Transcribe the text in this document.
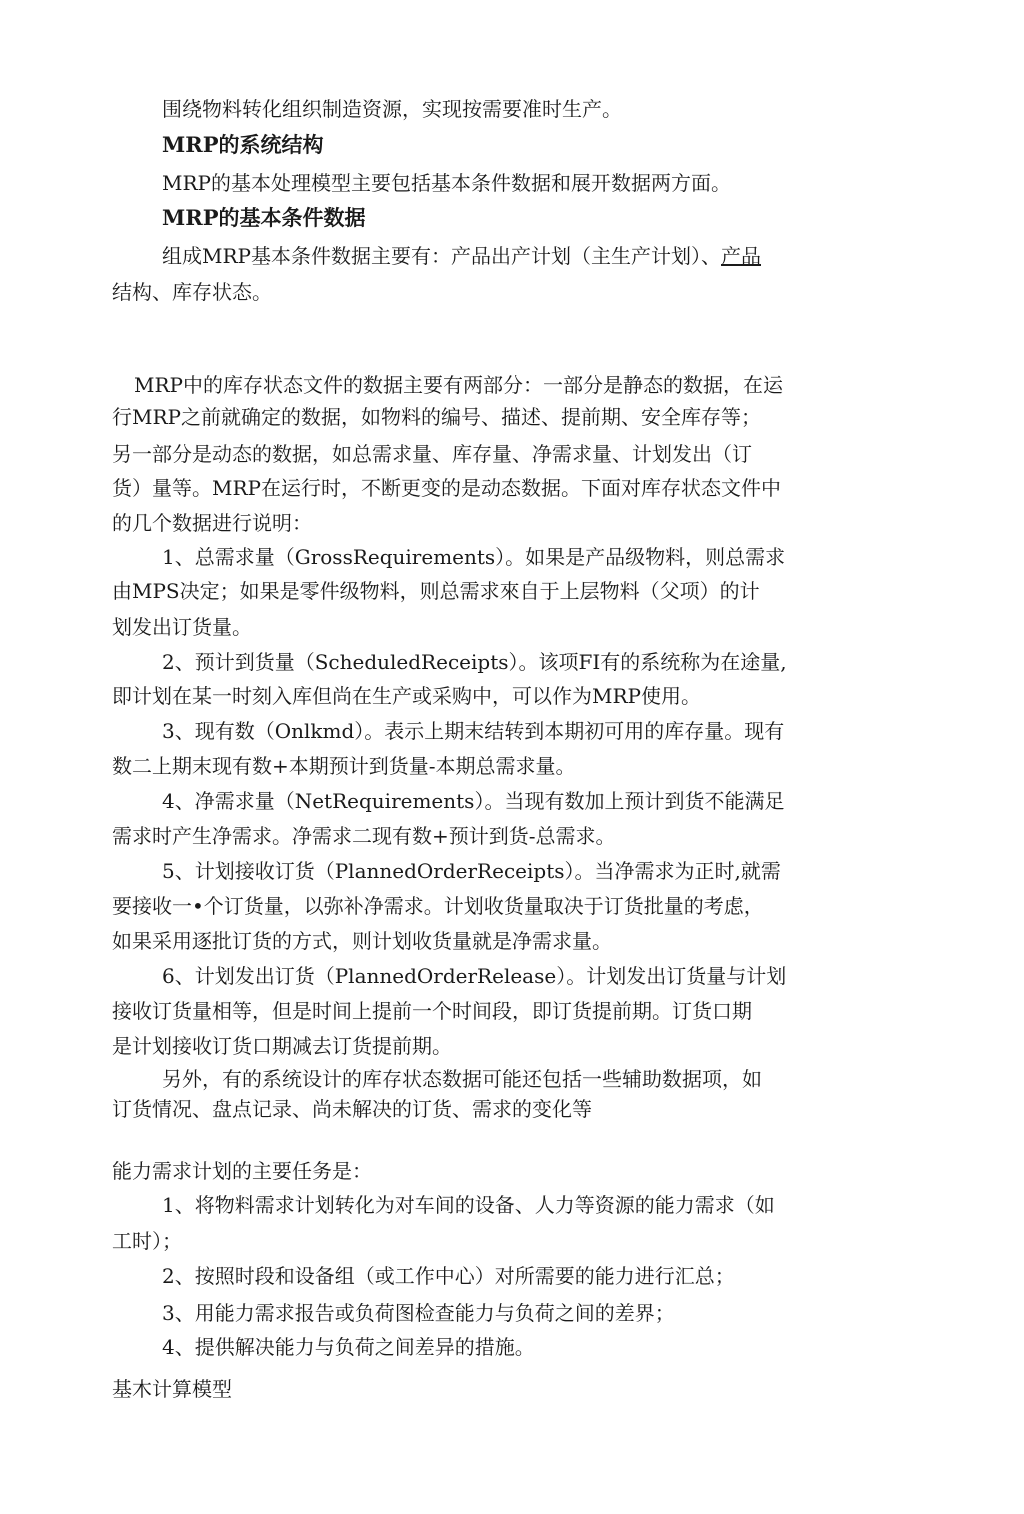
围绕物料转化组织制造资源，实现按需要准时生产。
MRP的系统结构
MRP的基本处理模型主要包括基本条件数据和展开数据两方面。
MRP的基本条件数据
组成MRP基本条件数据主要有：产品出产计划（主生产计划）、产品
结构、库存状态。
MRP中的库存状态文件的数据主要有两部分：一部分是静态的数据，在运
行MRP之前就确定的数据，如物料的编号、描述、提前期、安全库存等；
另一部分是动态的数据，如总需求量、库存量、净需求量、计划发出（订
货）量等。MRP在运行时，不断更变的是动态数据。下面对库存状态文件中
的几个数据进行说明：
1、总需求量（GrossRequirements）。如果是产品级物料，则总需求
由MPS决定；如果是零件级物料，则总需求來自于上层物料（父项）的计
划发出订货量。
2、预计到货量（ScheduledReceipts）。该项FI有的系统称为在途量,
即计划在某一时刻入库但尚在生产或采购中，可以作为MRP使用。
3、现有数（Onlkmd）。表示上期末结转到本期初可用的库存量。现有
数二上期末现有数+本期预计到货量-本期总需求量。
4、净需求量（NetRequirements）。当现有数加上预计到货不能满足
需求时产生净需求。净需求二现有数+预计到货-总需求。
5、计划接收订货（PlannedOrderReceipts）。当净需求为正时,就需
要接收一•个订货量，以弥补净需求。计划收货量取决于订货批量的考虑，
如果采用逐批订货的方式，则计划收货量就是净需求量。
6、计划发出订货（PlannedOrderRelease）。计划发出订货量与计划
接收订货量相等，但是时间上提前一个时间段，即订货提前期。订货口期
是计划接收订货口期减去订货提前期。
另外，有的系统设计的库存状态数据可能还包括一些辅助数据项，如
订货情况、盘点记录、尚未解决的订货、需求的变化等
能力需求计划的主要任务是：
1、将物料需求计划转化为对车间的设备、人力等资源的能力需求（如
工时）；
2、按照时段和设备组（或工作中心）对所需要的能力进行汇总；
3、用能力需求报告或负荷图检查能力与负荷之间的差界；
4、提供解决能力与负荷之间差异的措施。
基木计算模型
